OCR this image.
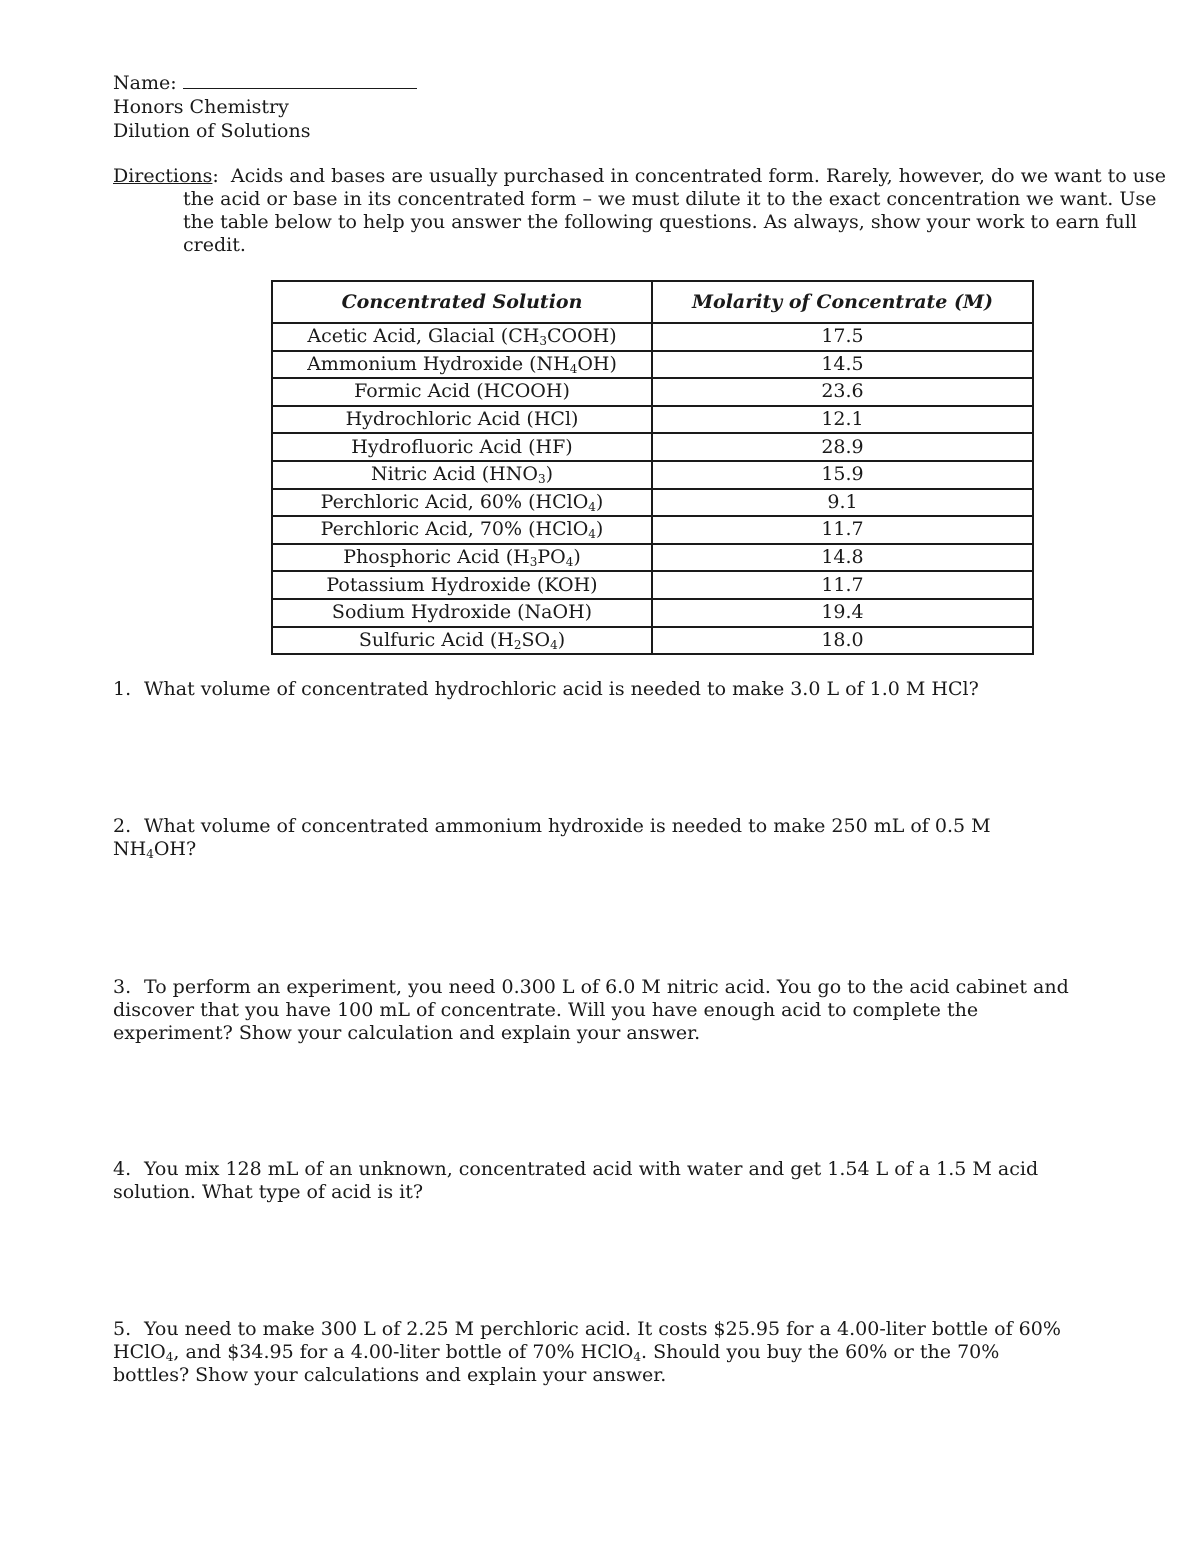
Name:
Honors Chemistry
Dilution of Solutions
Directions:  Acids and bases are usually purchased in concentrated form. Rarely, however, do we want to use the acid or base in its concentrated form – we must dilute it to the exact concentration we want. Use the table below to help you answer the following questions. As always, show your work to earn full credit.
Concentrated Solution	Molarity of Concentrate (M)
Acetic Acid, Glacial $(CH_3COOH)$	17.5
Ammonium Hydroxide $(NH_4OH)$	14.5
Formic Acid (HCOOH)	23.6
Hydrochloric Acid (HCl)	12.1
Hydrofluoric Acid (HF)	28.9
Nitric Acid $(HNO_3)$	15.9
Perchloric Acid, 60% (HClO$_4$)	9.1
Perchloric Acid, 70% (HClO$_4$)	11.7
Phosphoric Acid $(H_3PO_4)$	14.8
Potassium Hydroxide (KOH)	11.7
Sodium Hydroxide (NaOH)	19.4
Sulfuric Acid $(H_2SO_4)$	18.0
1. What volume of concentrated hydrochloric acid is needed to make 3.0 L of 1.0 M HCl?
2. What volume of concentrated ammonium hydroxide is needed to make 250 mL of 0.5 M $NH_4OH$?
3. To perform an experiment, you need 0.300 L of 6.0 M nitric acid. You go to the acid cabinet and discover that you have 100 mL of concentrate. Will you have enough acid to complete the experiment? Show your calculation and explain your answer.
4. You mix 128 mL of an unknown, concentrated acid with water and get 1.54 L of a 1.5 M acid solution. What type of acid is it?
5. You need to make 300 L of 2.25 M perchloric acid. It costs $25.95 for a 4.00-liter bottle of 60% HClO$_4$, and $34.95 for a 4.00-liter bottle of 70% HClO$_4$. Should you buy the 60% or the 70% bottles? Show your calculations and explain your answer.
